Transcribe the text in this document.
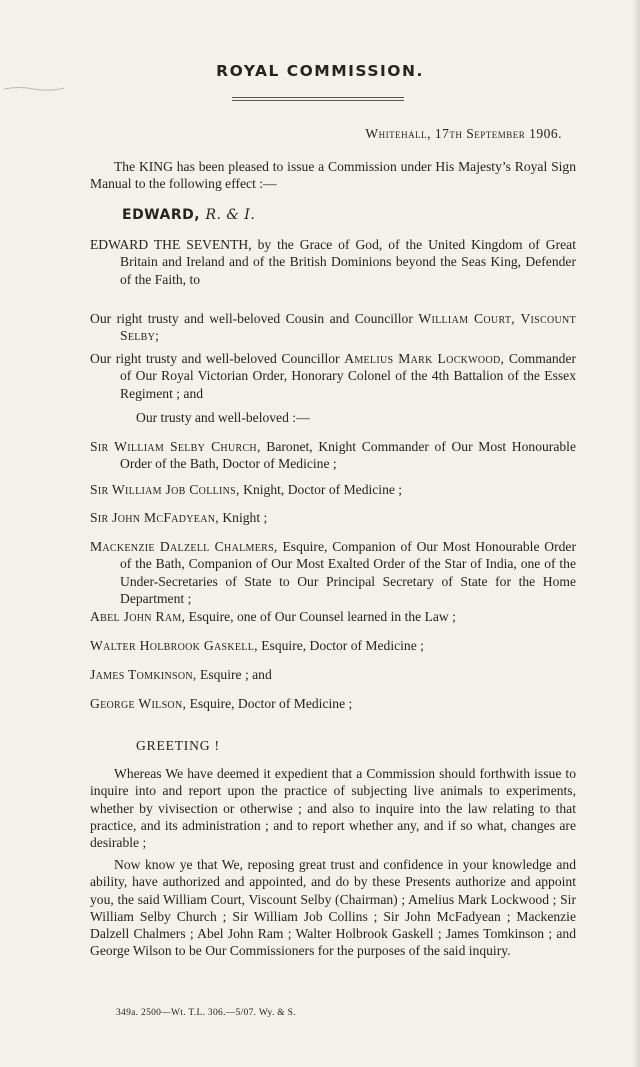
ROYAL COMMISSION.
Whitehall, 17th September 1906.
The KING has been pleased to issue a Commission under His Majesty’s Royal Sign Manual to the following effect :—
EDWARD, R. & I.
EDWARD THE SEVENTH, by the Grace of God, of the United Kingdom of Great Britain and Ireland and of the British Dominions beyond the Seas King, Defender of the Faith, to
Our right trusty and well-beloved Cousin and Councillor William Court, Viscount Selby;
Our right trusty and well-beloved Councillor Amelius Mark Lockwood, Commander of Our Royal Victorian Order, Honorary Colonel of the 4th Battalion of the Essex Regiment ; and
Our trusty and well-beloved :—
Sir William Selby Church, Baronet, Knight Commander of Our Most Honourable Order of the Bath, Doctor of Medicine ;
Sir William Job Collins, Knight, Doctor of Medicine ;
Sir John McFadyean, Knight ;
Mackenzie Dalzell Chalmers, Esquire, Companion of Our Most Honourable Order of the Bath, Companion of Our Most Exalted Order of the Star of India, one of the Under-Secretaries of State to Our Principal Secretary of State for the Home Department ;
Abel John Ram, Esquire, one of Our Counsel learned in the Law ;
Walter Holbrook Gaskell, Esquire, Doctor of Medicine ;
James Tomkinson, Esquire ; and
George Wilson, Esquire, Doctor of Medicine ;
GREETING !
Whereas We have deemed it expedient that a Commission should forthwith issue to inquire into and report upon the practice of subjecting live animals to experiments, whether by vivisection or otherwise ; and also to inquire into the law relating to that practice, and its administration ; and to report whether any, and if so what, changes are desirable ;
Now know ye that We, reposing great trust and confidence in your knowledge and ability, have authorized and appointed, and do by these Presents authorize and appoint you, the said William Court, Viscount Selby (Chairman) ; Amelius Mark Lockwood ; Sir William Selby Church ; Sir William Job Collins ; Sir John McFadyean ; Mackenzie Dalzell Chalmers ; Abel John Ram ; Walter Holbrook Gaskell ; James Tomkinson ; and George Wilson to be Our Commissioners for the purposes of the said inquiry.
349a. 2500—Wt. T.L. 306.—5/07. Wy. & S.
